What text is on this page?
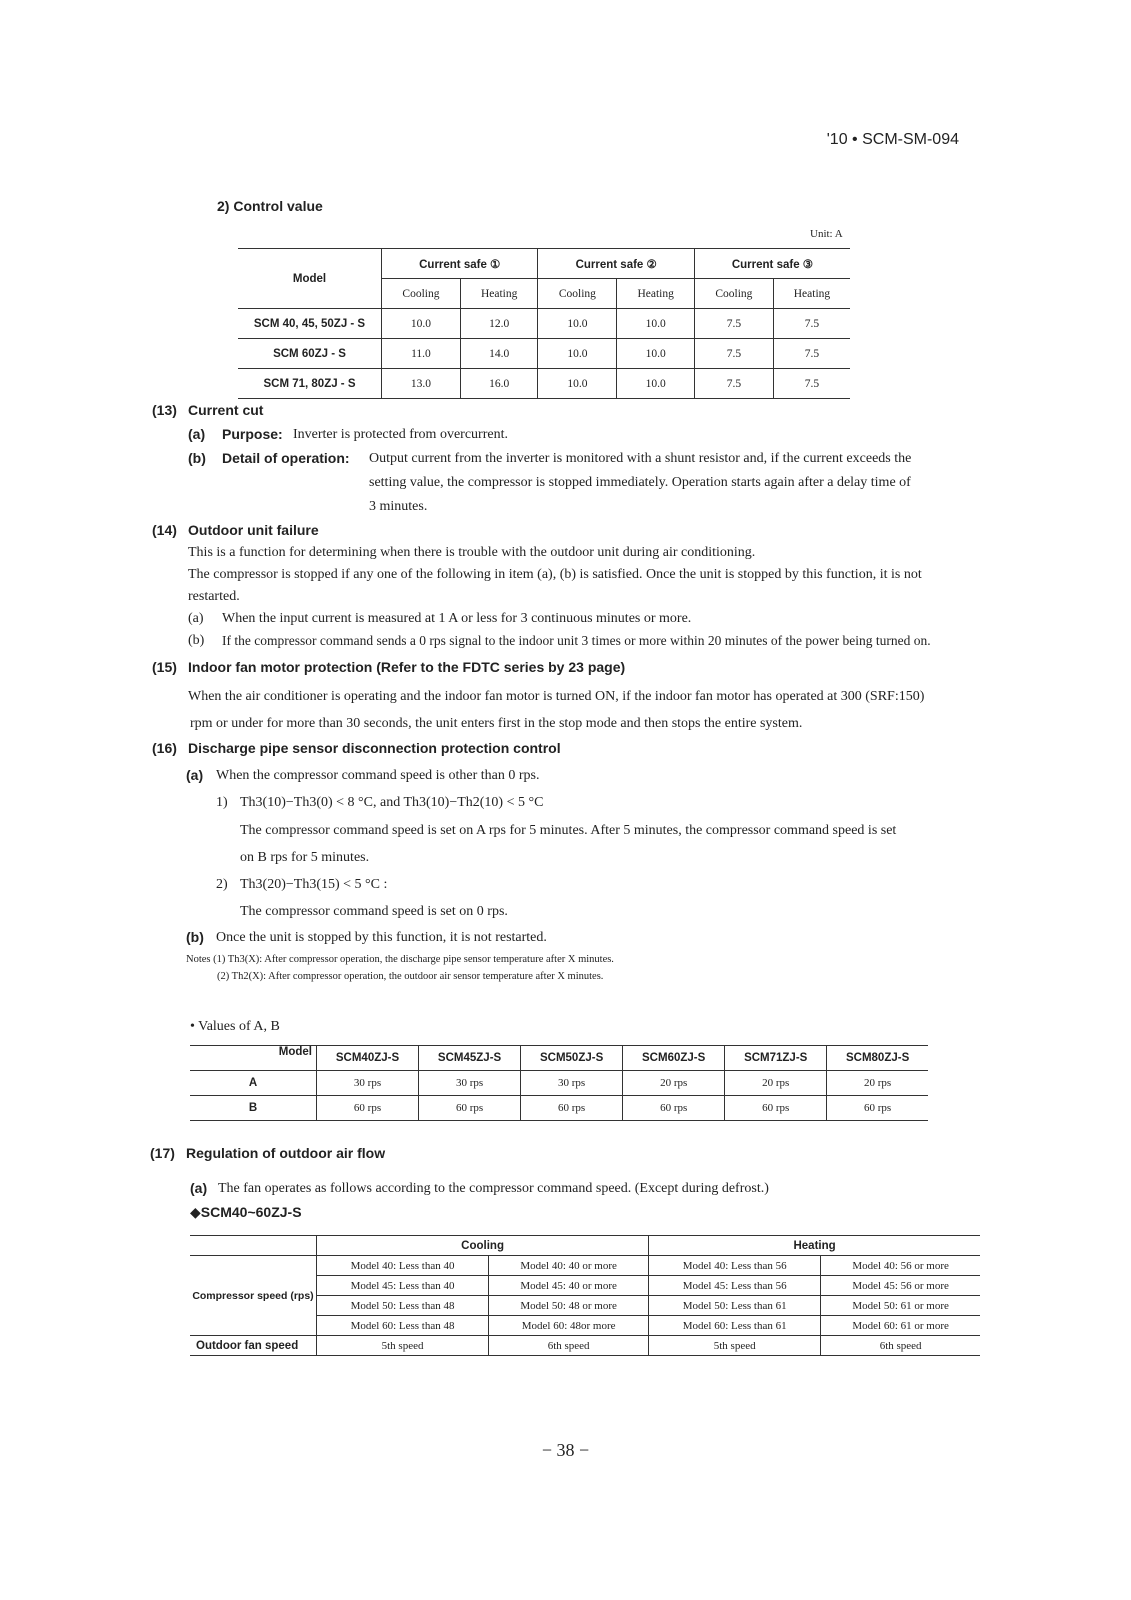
'10 • SCM-SM-094
2) Control value
Unit: A
Model	Current safe ①		Current safe ②		Current safe ③	
	Cooling	Heating	Cooling	Heating	Cooling	Heating
SCM 40, 45, 50ZJ - S	10.0	12.0	10.0	10.0	7.5	7.5
SCM 60ZJ - S	11.0	14.0	10.0	10.0	7.5	7.5
SCM 71, 80ZJ - S	13.0	16.0	10.0	10.0	7.5	7.5
(13) Current cut
(a) Purpose: Inverter is protected from overcurrent.
(b) Detail of operation: Output current from the inverter is monitored with a shunt resistor and, if the current exceeds the
setting value, the compressor is stopped immediately. Operation starts again after a delay time of
3 minutes.
(14) Outdoor unit failure
This is a function for determining when there is trouble with the outdoor unit during air conditioning.
The compressor is stopped if any one of the following in item (a), (b) is satisfied. Once the unit is stopped by this function, it is not
restarted.
(a) When the input current is measured at 1 A or less for 3 continuous minutes or more.
(b) If the compressor command sends a 0 rps signal to the indoor unit 3 times or more within 20 minutes of the power being turned on.
(15) Indoor fan motor protection (Refer to the FDTC series by 23 page)
When the air conditioner is operating and the indoor fan motor is turned ON, if the indoor fan motor has operated at 300 (SRF:150)
rpm or under for more than 30 seconds, the unit enters first in the stop mode and then stops the entire system.
(16) Discharge pipe sensor disconnection protection control
(a) When the compressor command speed is other than 0 rps.
1) Th3(10)−Th3(0) < 8 °C, and Th3(10)−Th2(10) < 5 °C
The compressor command speed is set on A rps for 5 minutes. After 5 minutes, the compressor command speed is set
on B rps for 5 minutes.
2) Th3(20)−Th3(15) < 5 °C :
The compressor command speed is set on 0 rps.
(b) Once the unit is stopped by this function, it is not restarted.
Notes (1) Th3(X): After compressor operation, the discharge pipe sensor temperature after X minutes.
(2) Th2(X): After compressor operation, the outdoor air sensor temperature after X minutes.
• Values of A, B
Model	SCM40ZJ-S	SCM45ZJ-S	SCM50ZJ-S	SCM60ZJ-S	SCM71ZJ-S	SCM80ZJ-S
A	30 rps	30 rps	30 rps	20 rps	20 rps	20 rps
B	60 rps	60 rps	60 rps	60 rps	60 rps	60 rps
(17) Regulation of outdoor air flow
(a) The fan operates as follows according to the compressor command speed. (Except during defrost.)
◆SCM40~60ZJ-S
	Cooling		Heating	
Compressor speed (rps)	Model 40: Less than 40	Model 40: 40 or more	Model 40: Less than 56	Model 40: 56 or more
	Model 45: Less than 40	Model 45: 40 or more	Model 45: Less than 56	Model 45: 56 or more
	Model 50: Less than 48	Model 50: 48 or more	Model 50: Less than 61	Model 50: 61 or more
	Model 60: Less than 48	Model 60: 48or more	Model 60: Less than 61	Model 60: 61 or more
Outdoor fan speed	5th speed	6th speed	5th speed	6th speed
− 38 −
